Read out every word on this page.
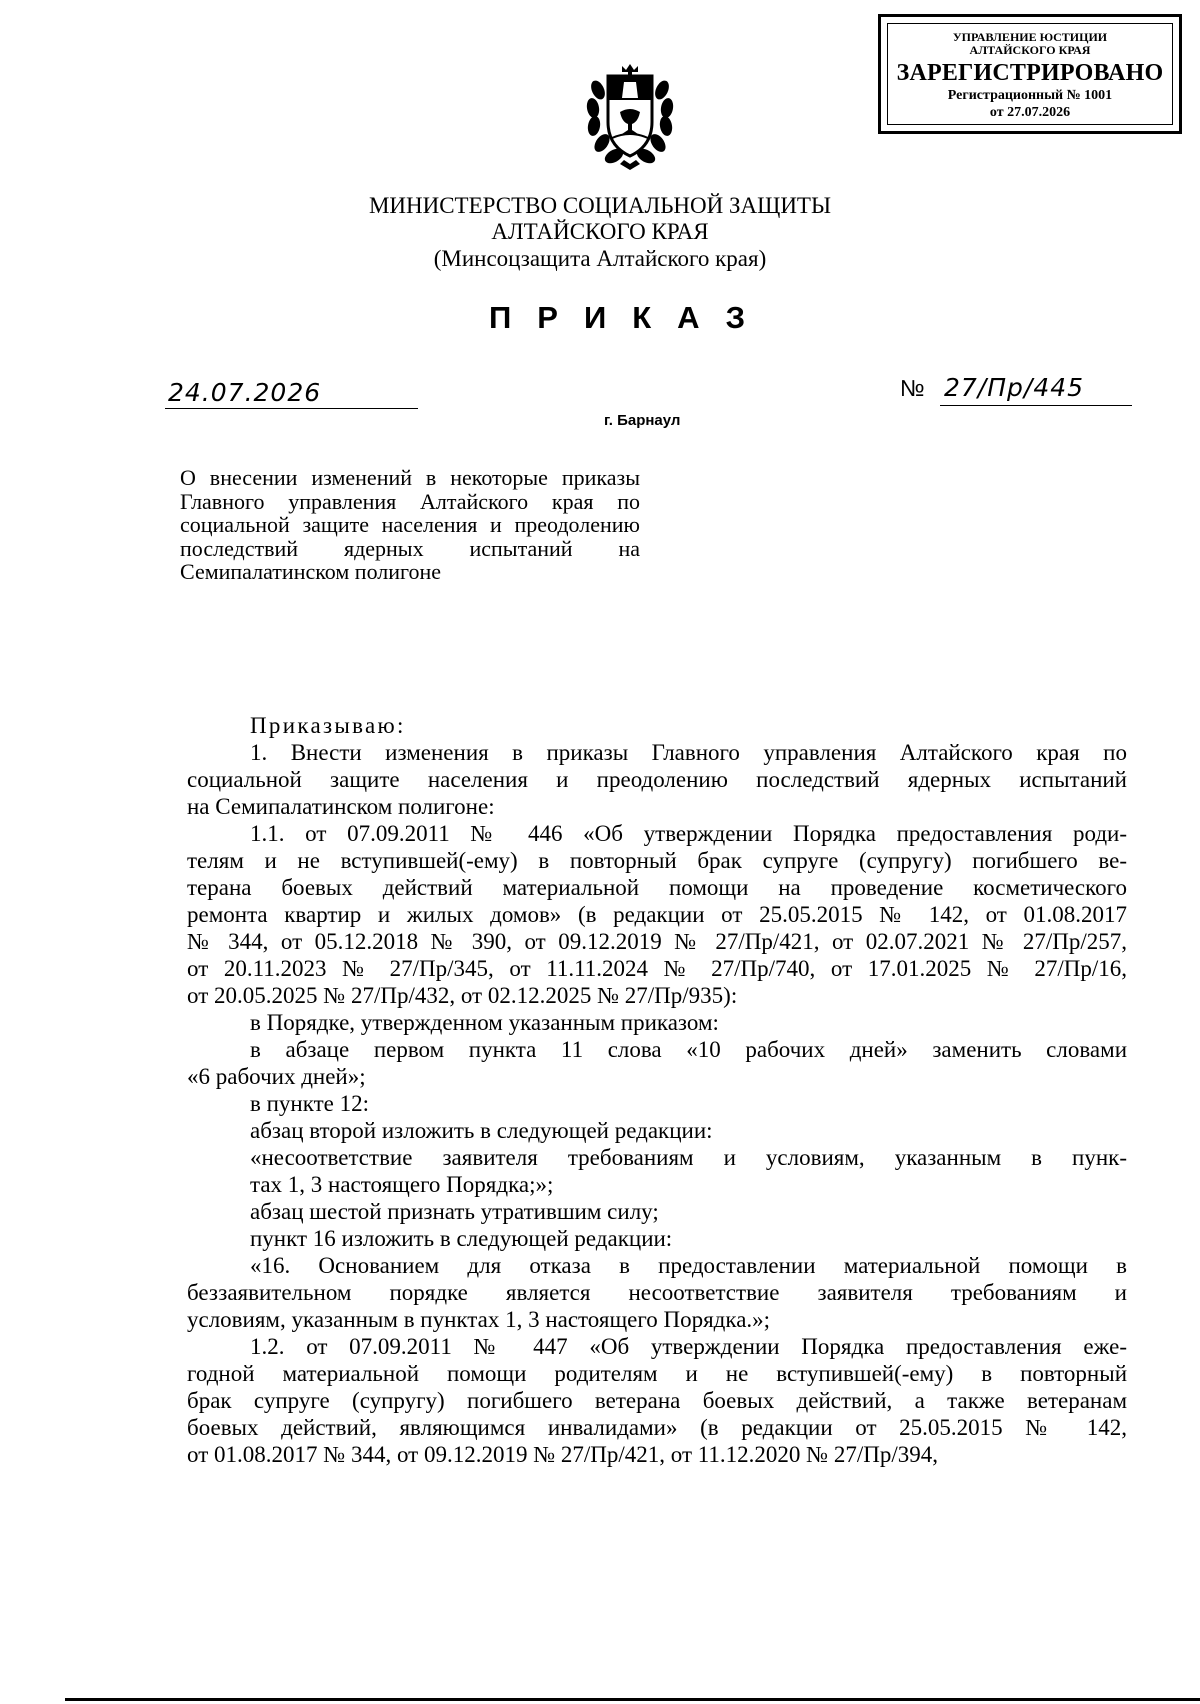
УПРАВЛЕНИЕ ЮСТИЦИИ
АЛТАЙСКОГО КРАЯ
ЗАРЕГИСТРИРОВАНО
Регистрационный № 1001
от 27.07.2026
МИНИСТЕРСТВО СОЦИАЛЬНОЙ ЗАЩИТЫ
АЛТАЙСКОГО КРАЯ
(Минсоцзащита Алтайского края)
ПРИКАЗ
24.07.2026	№ 27/Пр/445
г. Барнаул
О внесении изменений в некоторые приказы Главного управления Алтайского края по социальной защите населения и преодолению последствий ядерных испытаний на Семипалатинском полигоне

Приказываю:

1. Внести изменения в приказы Главного управления Алтайского края по

социальной защите населения и преодолению последствий ядерных испытаний

на Семипалатинском полигоне:

1.1. от 07.09.2011 № 446 «Об утверждении Порядка предоставления роди-

телям и не вступившей(-ему) в повторный брак супруге (супругу) погибшего ве-

терана боевых действий материальной помощи на проведение косметического

ремонта квартир и жилых домов» (в редакции от 25.05.2015 № 142, от 01.08.2017

№ 344, от 05.12.2018 № 390, от 09.12.2019 № 27/Пр/421, от 02.07.2021 № 27/Пр/257,

от 20.11.2023 № 27/Пр/345, от 11.11.2024 № 27/Пр/740, от 17.01.2025 № 27/Пр/16,

от 20.05.2025 № 27/Пр/432, от 02.12.2025 № 27/Пр/935):

в Порядке, утвержденном указанным приказом:

в абзаце первом пункта 11 слова «10 рабочих дней» заменить словами

«6 рабочих дней»;

в пункте 12:

абзац второй изложить в следующей редакции:

«несоответствие заявителя требованиям и условиям, указанным в пунк-

тах 1, 3 настоящего Порядка;»;

абзац шестой признать утратившим силу;

пункт 16 изложить в следующей редакции:

«16. Основанием для отказа в предоставлении материальной помощи в

беззаявительном порядке является несоответствие заявителя требованиям и

условиям, указанным в пунктах 1, 3 настоящего Порядка.»;

1.2. от 07.09.2011 № 447 «Об утверждении Порядка предоставления еже-

годной материальной помощи родителям и не вступившей(-ему) в повторный

брак супруге (супругу) погибшего ветерана боевых действий, а также ветеранам

боевых действий, являющимся инвалидами» (в редакции от 25.05.2015 № 142,

от 01.08.2017 № 344, от 09.12.2019 № 27/Пр/421, от 11.12.2020 № 27/Пр/394,
